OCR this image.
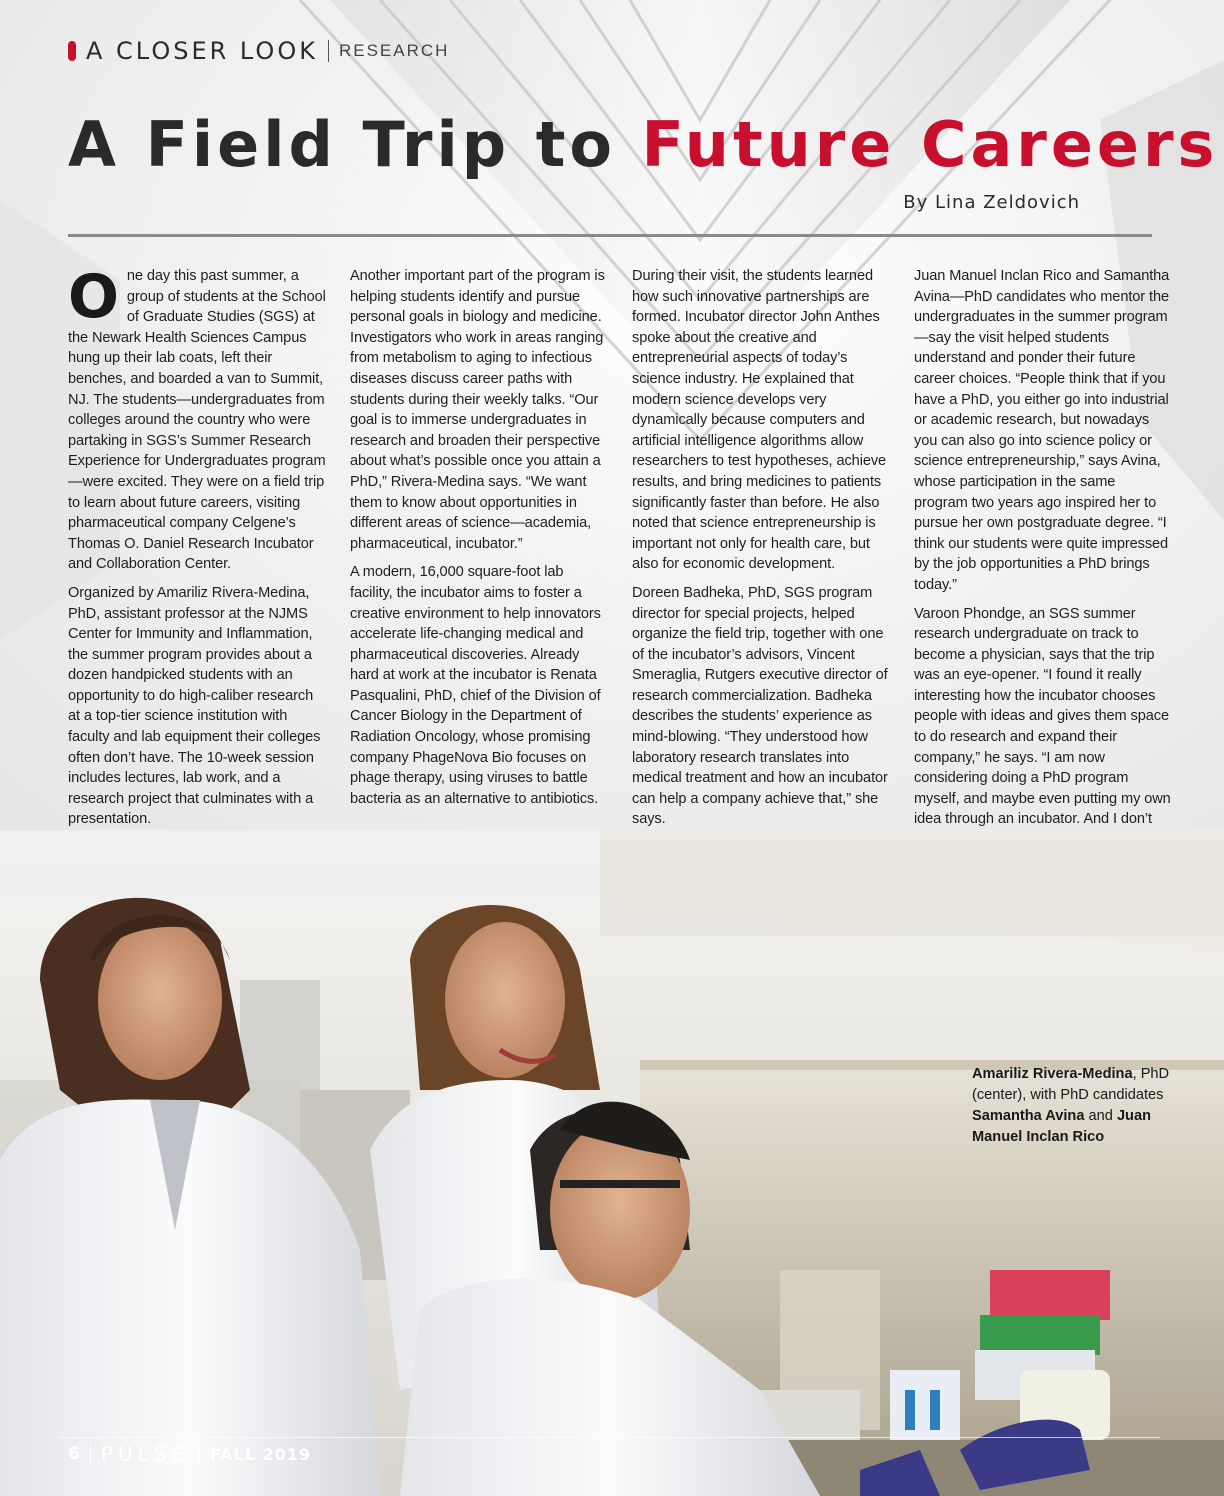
A CLOSER LOOK RESEARCH
A Field Trip to Future Careers
By Lina Zeldovich

One day this past summer, a group of students at the School of Graduate Studies (SGS) at the Newark Health Sciences Campus hung up their lab coats, left their benches, and boarded a van to Summit, NJ. The students—undergraduates from colleges around the country who were partaking in SGS’s Summer Research Experience for Undergraduates program—were excited. They were on a field trip to learn about future careers, visiting pharmaceutical company Celgene’s Thomas O. Daniel Research Incubator and Collaboration Center.

Organized by Amariliz Rivera-Medina, PhD, assistant professor at the NJMS Center for Immunity and Inflammation, the summer program provides about a dozen handpicked students with an opportunity to do high-caliber research at a top-tier science institution with faculty and lab equipment their colleges often don’t have. The 10-week session includes lectures, lab work, and a research project that culminates with a presentation.

Another important part of the program is helping students identify and pursue personal goals in biology and medicine. Investigators who work in areas ranging from metabolism to aging to infectious diseases discuss career paths with students during their weekly talks. “Our goal is to immerse undergraduates in research and broaden their perspective about what’s possible once you attain a PhD,” Rivera-Medina says. “We want them to know about opportunities in different areas of science—academia, pharmaceutical, incubator.”

A modern, 16,000 square-foot lab facility, the incubator aims to foster a creative environment to help innovators accelerate life-changing medical and pharmaceutical discoveries. Already hard at work at the incubator is Renata Pasqualini, PhD, chief of the Division of Cancer Biology in the Department of Radiation Oncology, whose promising company PhageNova Bio focuses on phage therapy, using viruses to battle bacteria as an alternative to antibiotics.

During their visit, the students learned how such innovative partnerships are formed. Incubator director John Anthes spoke about the creative and entrepreneurial aspects of today’s science industry. He explained that modern science develops very dynamically because computers and artificial intelligence algorithms allow researchers to test hypotheses, achieve results, and bring medicines to patients significantly faster than before. He also noted that science entrepreneurship is important not only for health care, but also for economic development.

Doreen Badheka, PhD, SGS program director for special projects, helped organize the field trip, together with one of the incubator’s advisors, Vincent Smeraglia, Rutgers executive director of research commercialization. Badheka describes the students’ experience as mind-blowing. “They understood how laboratory research translates into medical treatment and how an incubator can help a company achieve that,” she says.

Juan Manuel Inclan Rico and Samantha Avina—PhD candidates who mentor the undergraduates in the summer program—say the visit helped students understand and ponder their future career choices. “People think that if you have a PhD, you either go into industrial or academic research, but nowadays you can also go into science policy or science entrepreneurship,” says Avina, whose participation in the same program two years ago inspired her to pursue her own postgraduate degree. “I think our students were quite impressed by the job opportunities a PhD brings today.”

Varoon Phondge, an SGS summer research undergraduate on track to become a physician, says that the trip was an eye-opener. “I found it really interesting how the incubator chooses people with ideas and gives them space to do research and expand their company,” he says. “I am now considering doing a PhD program myself, and maybe even putting my own idea through an incubator. And I don’t

Amariliz Rivera-Medina, PhD (center), with PhD candidates Samantha Avina and Juan Manuel Inclan Rico
6 PULSE FALL 2019
